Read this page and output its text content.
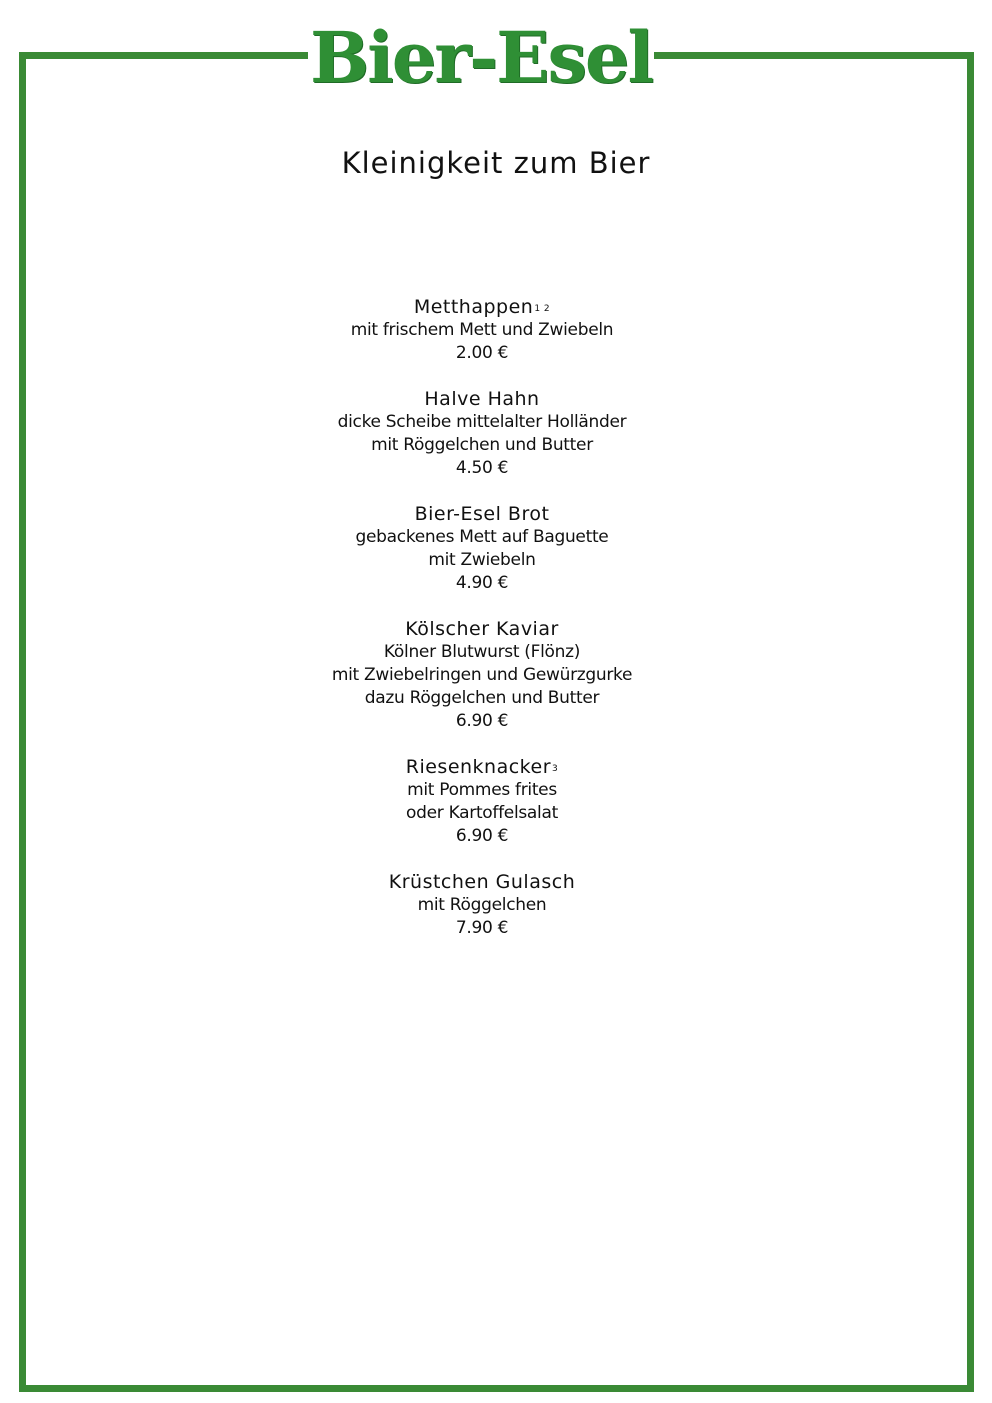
Bier-Esel
Kleinigkeit zum Bier
Metthappen$^{1 2}$
mit frischem Mett und Zwiebeln
2.00 €
Halve Hahn
dicke Scheibe mittelalter Holländer
mit Röggelchen und Butter
4.50 €
Bier-Esel Brot
gebackenes Mett auf Baguette
mit Zwiebeln
4.90 €
Kölscher Kaviar
Kölner Blutwurst (Flönz)
mit Zwiebelringen und Gewürzgurke
dazu Röggelchen und Butter
6.90 €
Riesenknacker$^3$
mit Pommes frites
oder Kartoffelsalat
6.90 €
Krüstchen Gulasch
mit Röggelchen
7.90 €
